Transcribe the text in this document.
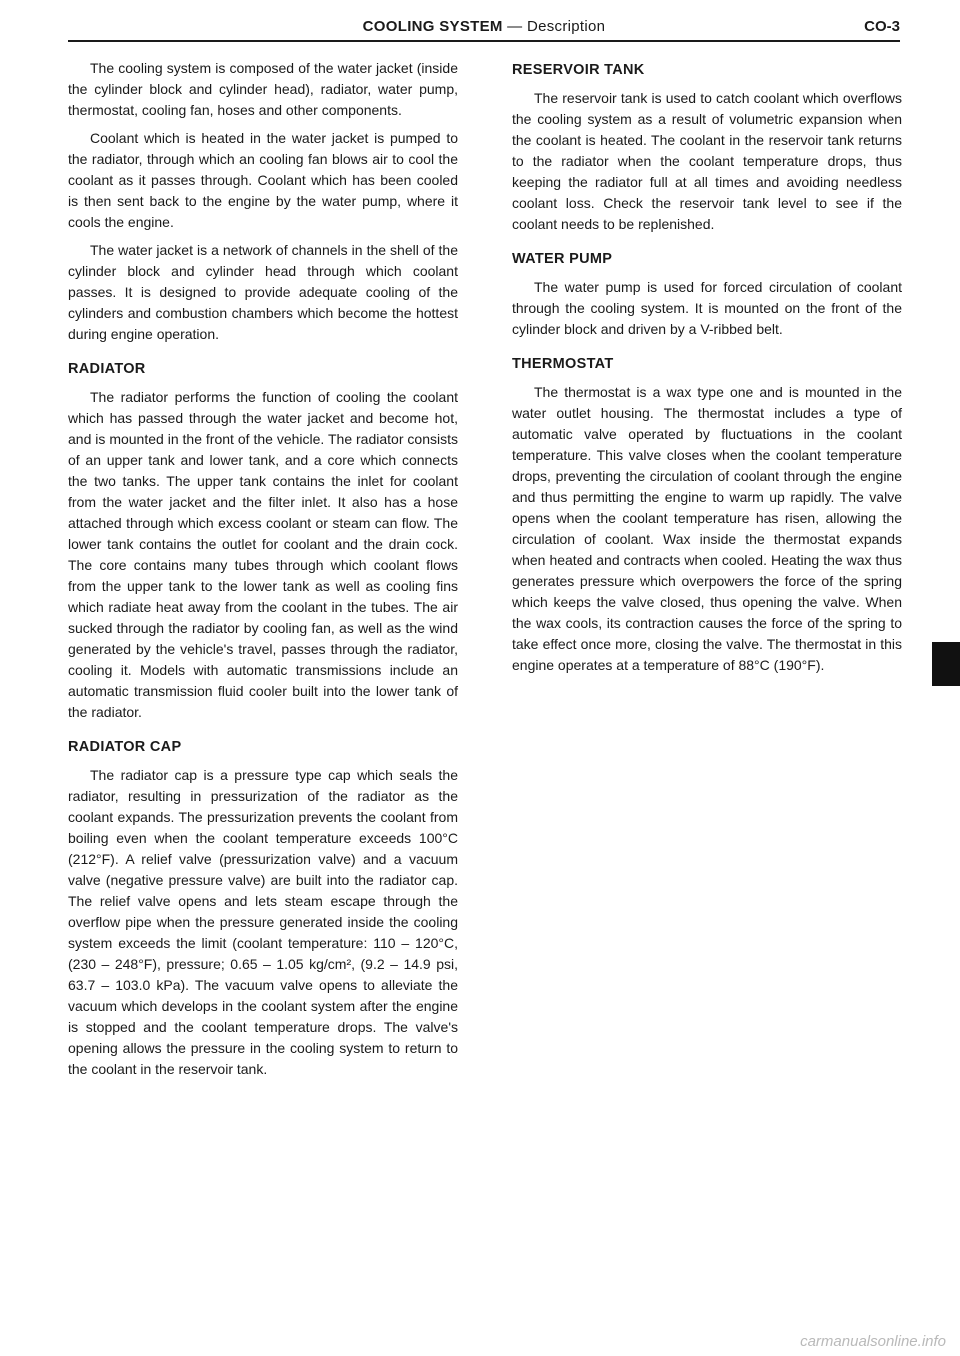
COOLING SYSTEM — Description	CO-3

The cooling system is composed of the water jacket (inside the cylinder block and cylinder head), radiator, water pump, thermostat, cooling fan, hoses and other components.

Coolant which is heated in the water jacket is pumped to the radiator, through which an cooling fan blows air to cool the coolant as it passes through. Coolant which has been cooled is then sent back to the engine by the water pump, where it cools the engine.

The water jacket is a network of channels in the shell of the cylinder block and cylinder head through which coolant passes. It is designed to provide adequate cooling of the cylinders and combustion chambers which become the hottest during engine operation.

RADIATOR

The radiator performs the function of cooling the coolant which has passed through the water jacket and become hot, and is mounted in the front of the vehicle. The radiator consists of an upper tank and lower tank, and a core which connects the two tanks. The upper tank contains the inlet for coolant from the water jacket and the filter inlet. It also has a hose attached through which excess coolant or steam can flow. The lower tank contains the outlet for coolant and the drain cock. The core contains many tubes through which coolant flows from the upper tank to the lower tank as well as cooling fins which radiate heat away from the coolant in the tubes. The air sucked through the radiator by cooling fan, as well as the wind generated by the vehicle's travel, passes through the radiator, cooling it. Models with automatic transmissions include an automatic transmission fluid cooler built into the lower tank of the radiator.

RADIATOR CAP

The radiator cap is a pressure type cap which seals the radiator, resulting in pressurization of the radiator as the coolant expands. The pressurization prevents the coolant from boiling even when the coolant temperature exceeds 100°C (212°F). A relief valve (pressurization valve) and a vacuum valve (negative pressure valve) are built into the radiator cap. The relief valve opens and lets steam escape through the overflow pipe when the pressure generated inside the cooling system exceeds the limit (coolant temperature: 110 – 120°C, (230 – 248°F), pressure; 0.65 – 1.05 kg/cm², (9.2 – 14.9 psi, 63.7 – 103.0 kPa). The vacuum valve opens to alleviate the vacuum which develops in the coolant system after the engine is stopped and the coolant temperature drops. The valve's opening allows the pressure in the cooling system to return to the coolant in the reservoir tank.

RESERVOIR TANK

The reservoir tank is used to catch coolant which overflows the cooling system as a result of volumetric expansion when the coolant is heated. The coolant in the reservoir tank returns to the radiator when the coolant temperature drops, thus keeping the radiator full at all times and avoiding needless coolant loss. Check the reservoir tank level to see if the coolant needs to be replenished.

WATER PUMP

The water pump is used for forced circulation of coolant through the cooling system. It is mounted on the front of the cylinder block and driven by a V-ribbed belt.

THERMOSTAT

The thermostat is a wax type one and is mounted in the water outlet housing. The thermostat includes a type of automatic valve operated by fluctuations in the coolant temperature. This valve closes when the coolant temperature drops, preventing the circulation of coolant through the engine and thus permitting the engine to warm up rapidly. The valve opens when the coolant temperature has risen, allowing the circulation of coolant. Wax inside the thermostat expands when heated and contracts when cooled. Heating the wax thus generates pressure which overpowers the force of the spring which keeps the valve closed, thus opening the valve. When the wax cools, its contraction causes the force of the spring to take effect once more, closing the valve. The thermostat in this engine operates at a temperature of 88°C (190°F).

carmanualsonline.info
